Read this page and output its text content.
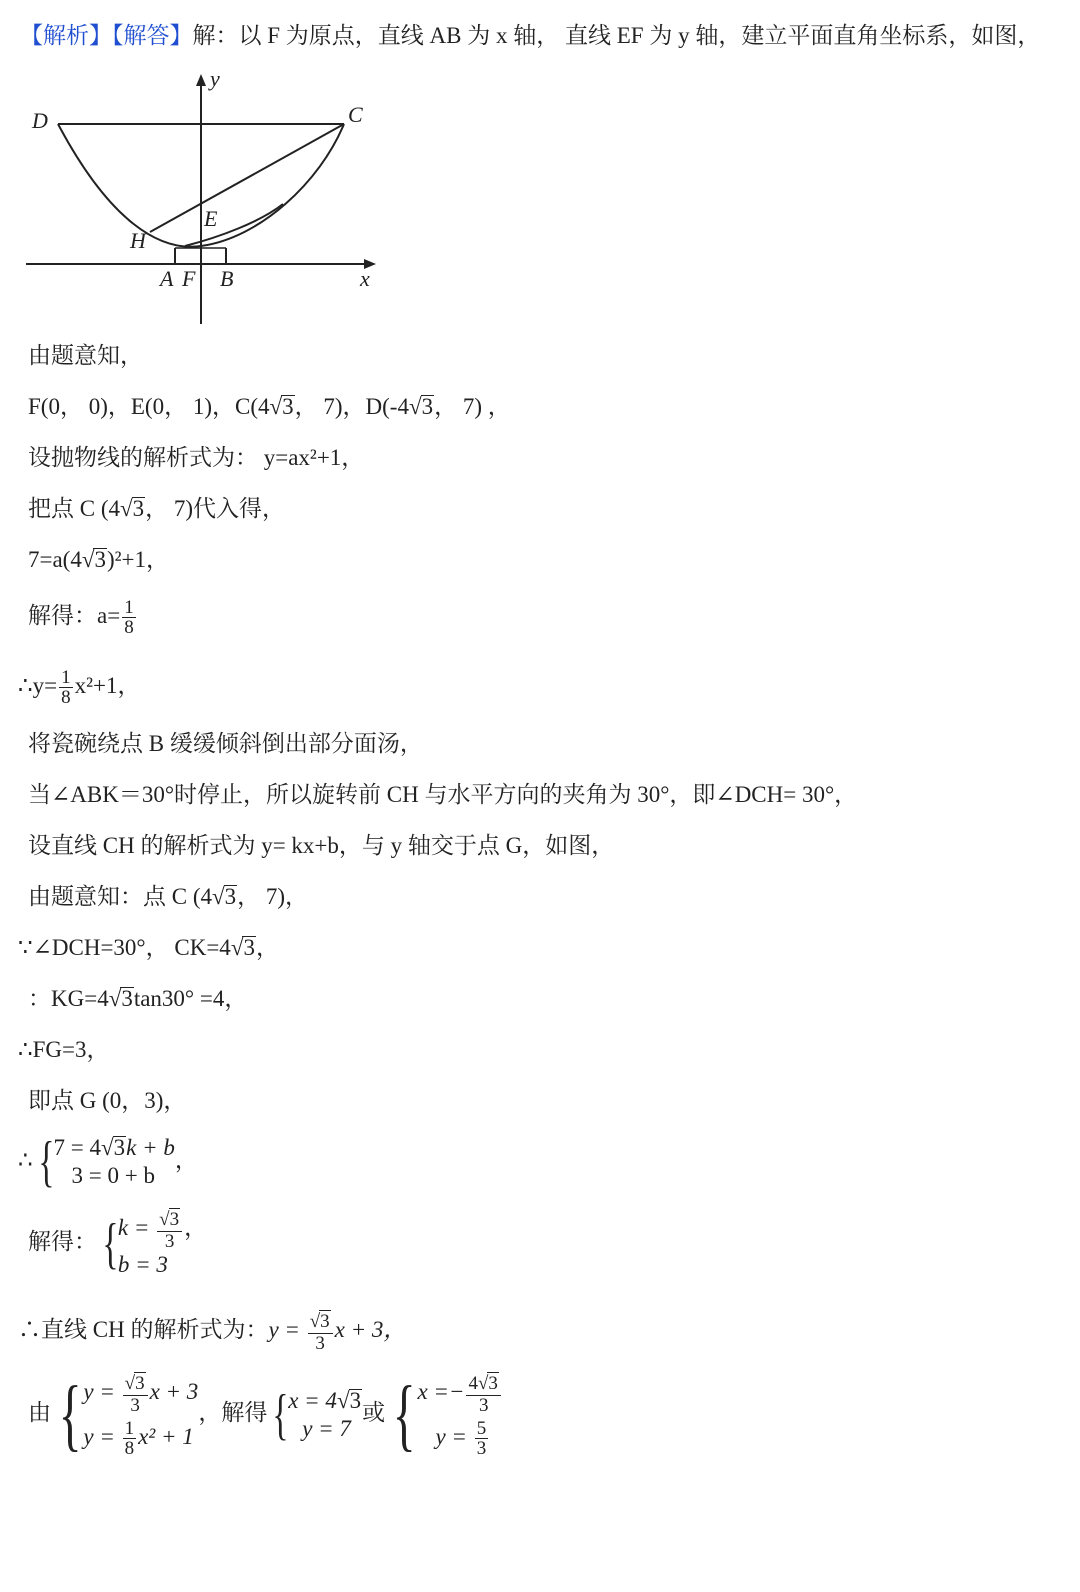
【解析】【解答】解：以 F 为原点，直线 AB 为 x 轴， 直线 EF 为 y 轴，建立平面直角坐标系，如图，
D	C
y
E
H
A F B	x
由题意知，
F(0， 0)，E(0， 1)，C(4√3， 7)，D(-4√3， 7) ，
设抛物线的解析式为： y=ax²+1，
把点 C (4√3， 7)代入得，
7=a(4√3)²+1，
解得：$a= \frac{1}{8}$
∴y= $\frac{1}{8} x^2+1$，
将瓷碗绕点 B 缓缓倾斜倒出部分面汤，
当∠ABK＝30°时停止，所以旋转前 CH 与水平方向的夹角为 30°，即∠DCH= 30°，
设直线 CH 的解析式为 y= kx+b，与 y 轴交于点 G，如图，
由题意知：点 C (4√3， 7)，
∵∠DCH=30°， CK=4√3，
：KG=4√3tan30° =4，
∴FG=3，
即点 G (0，3)，
∴{ 7 = 4√3k + b
3 = 0 + b
，
解得：{ $k = \frac{√3}{3}$ ，
b = 3
∴直线 CH 的解析式为：$y = \frac{√3}{3}$ x + 3，
由{ $y = \frac{√3}{3}$ x + 3
$y = \frac{1}{8} x^2 + 1$
，解得{ x = 4√3
y = 7
或{ $x =- \frac{4√3}{3}$
$y = \frac{5}{3}$
